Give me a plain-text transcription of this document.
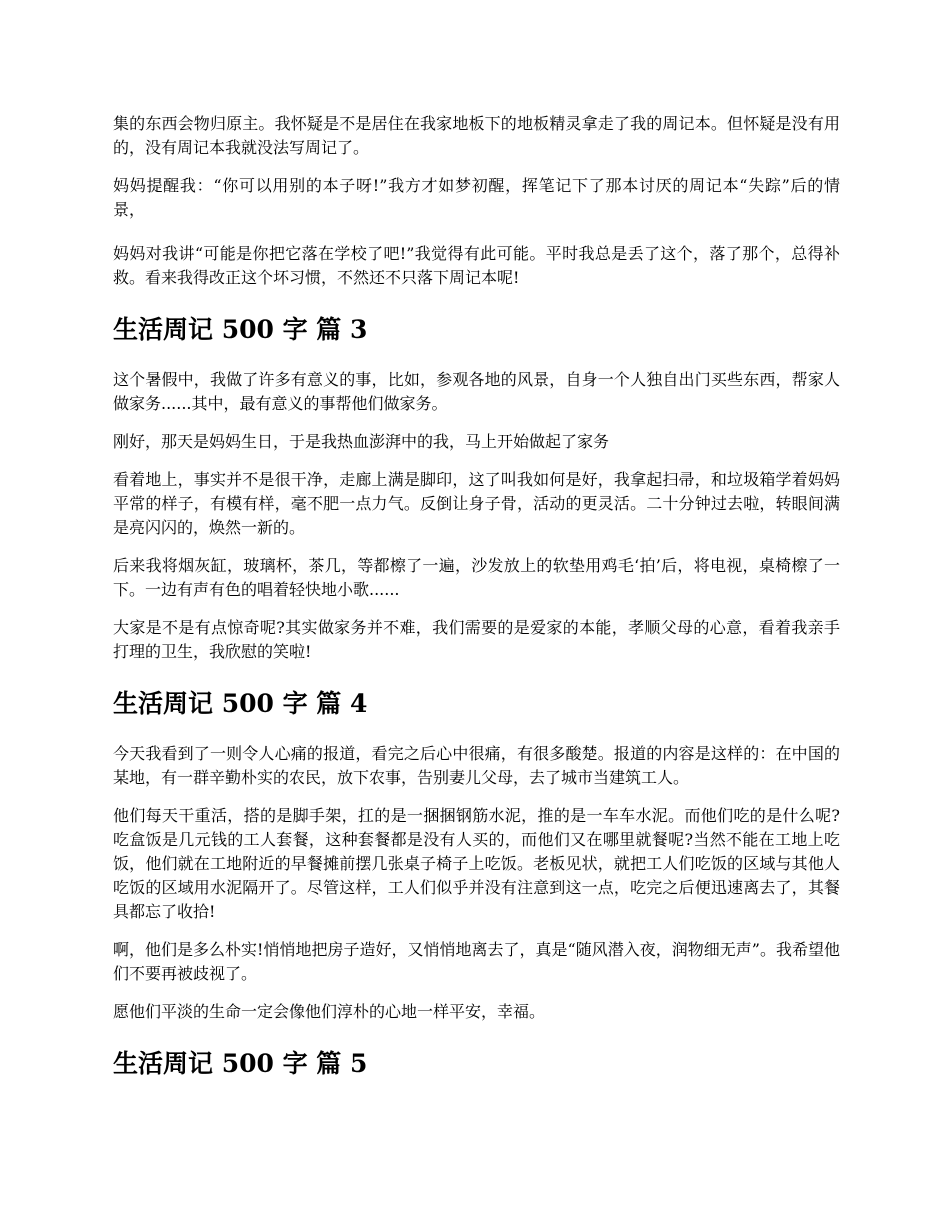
集的东西会物归原主。我怀疑是不是居住在我家地板下的地板精灵拿走了我的周记本。但怀疑是没有用的，没有周记本我就没法写周记了。

妈妈提醒我：“你可以用别的本子呀!”我方才如梦初醒，挥笔记下了那本讨厌的周记本“失踪”后的情景，

妈妈对我讲“可能是你把它落在学校了吧!”我觉得有此可能。平时我总是丢了这个，落了那个，总得补救。看来我得改正这个坏习惯，不然还不只落下周记本呢!

生活周记 500 字 篇 3

这个暑假中，我做了许多有意义的事，比如，参观各地的风景，自身一个人独自出门买些东西，帮家人做家务......其中，最有意义的事帮他们做家务。

刚好，那天是妈妈生日，于是我热血澎湃中的我，马上开始做起了家务

看着地上，事实并不是很干净，走廊上满是脚印，这了叫我如何是好，我拿起扫帚，和垃圾箱学着妈妈平常的样子，有模有样，毫不肥一点力气。反倒让身子骨，活动的更灵活。二十分钟过去啦，转眼间满是亮闪闪的，焕然一新的。

后来我将烟灰缸，玻璃杯，茶几，等都檫了一遍，沙发放上的软垫用鸡毛‘拍’后，将电视，桌椅檫了一下。一边有声有色的唱着轻快地小歌......

大家是不是有点惊奇呢?其实做家务并不难，我们需要的是爱家的本能，孝顺父母的心意，看着我亲手打理的卫生，我欣慰的笑啦!

生活周记 500 字 篇 4

今天我看到了一则令人心痛的报道，看完之后心中很痛，有很多酸楚。报道的内容是这样的：在中国的某地，有一群辛勤朴实的农民，放下农事，告别妻儿父母，去了城市当建筑工人。

他们每天干重活，搭的是脚手架，扛的是一捆捆钢筋水泥，推的是一车车水泥。而他们吃的是什么呢?吃盒饭是几元钱的工人套餐，这种套餐都是没有人买的，而他们又在哪里就餐呢?当然不能在工地上吃饭，他们就在工地附近的早餐摊前摆几张桌子椅子上吃饭。老板见状，就把工人们吃饭的区域与其他人吃饭的区域用水泥隔开了。尽管这样，工人们似乎并没有注意到这一点，吃完之后便迅速离去了，其餐具都忘了收拾!

啊，他们是多么朴实!悄悄地把房子造好，又悄悄地离去了，真是“随风潜入夜，润物细无声”。我希望他们不要再被歧视了。

愿他们平淡的生命一定会像他们淳朴的心地一样平安，幸福。

生活周记 500 字 篇 5
